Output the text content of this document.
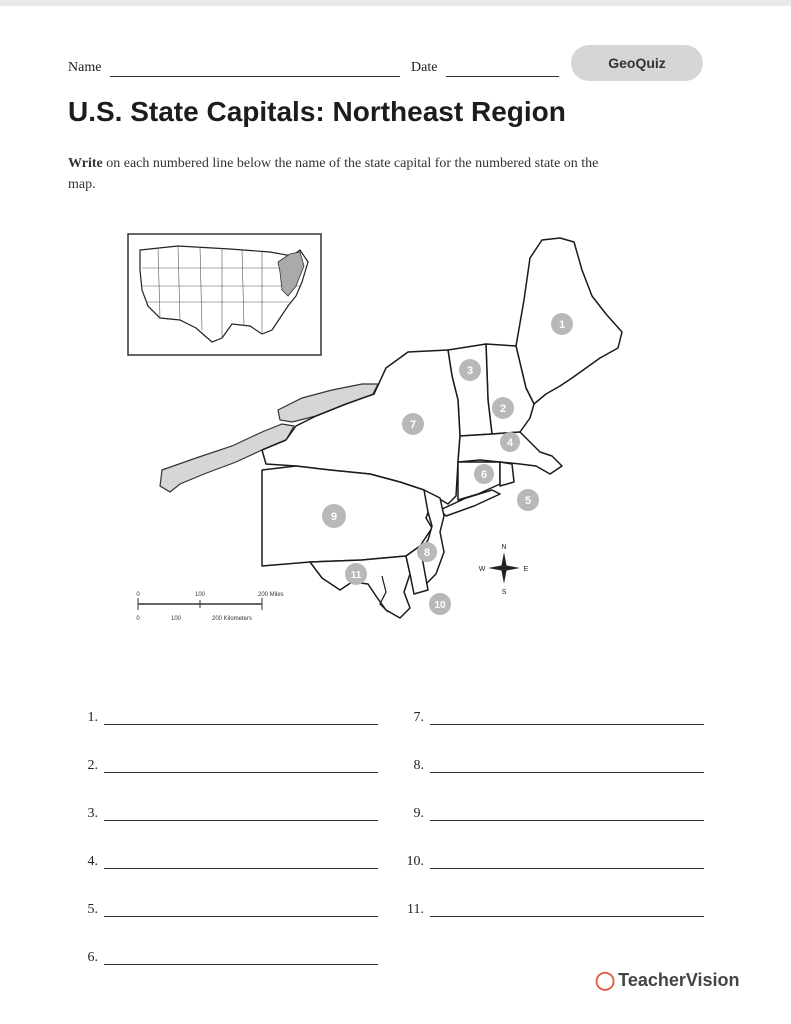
Name	Date	GeoQuiz
U.S. State Capitals: Northeast Region
Write on each numbered line below the name of the state capital for the numbered state on the map.
1
2
3
4
5
6
7
8
9
10
11
0	100	200 Miles
0	100	200 Kilometers
N
S
E
W
1.
2.
3.
4.
5.
6.
7.
8.
9.
10.
11.
◯ TeacherVision
